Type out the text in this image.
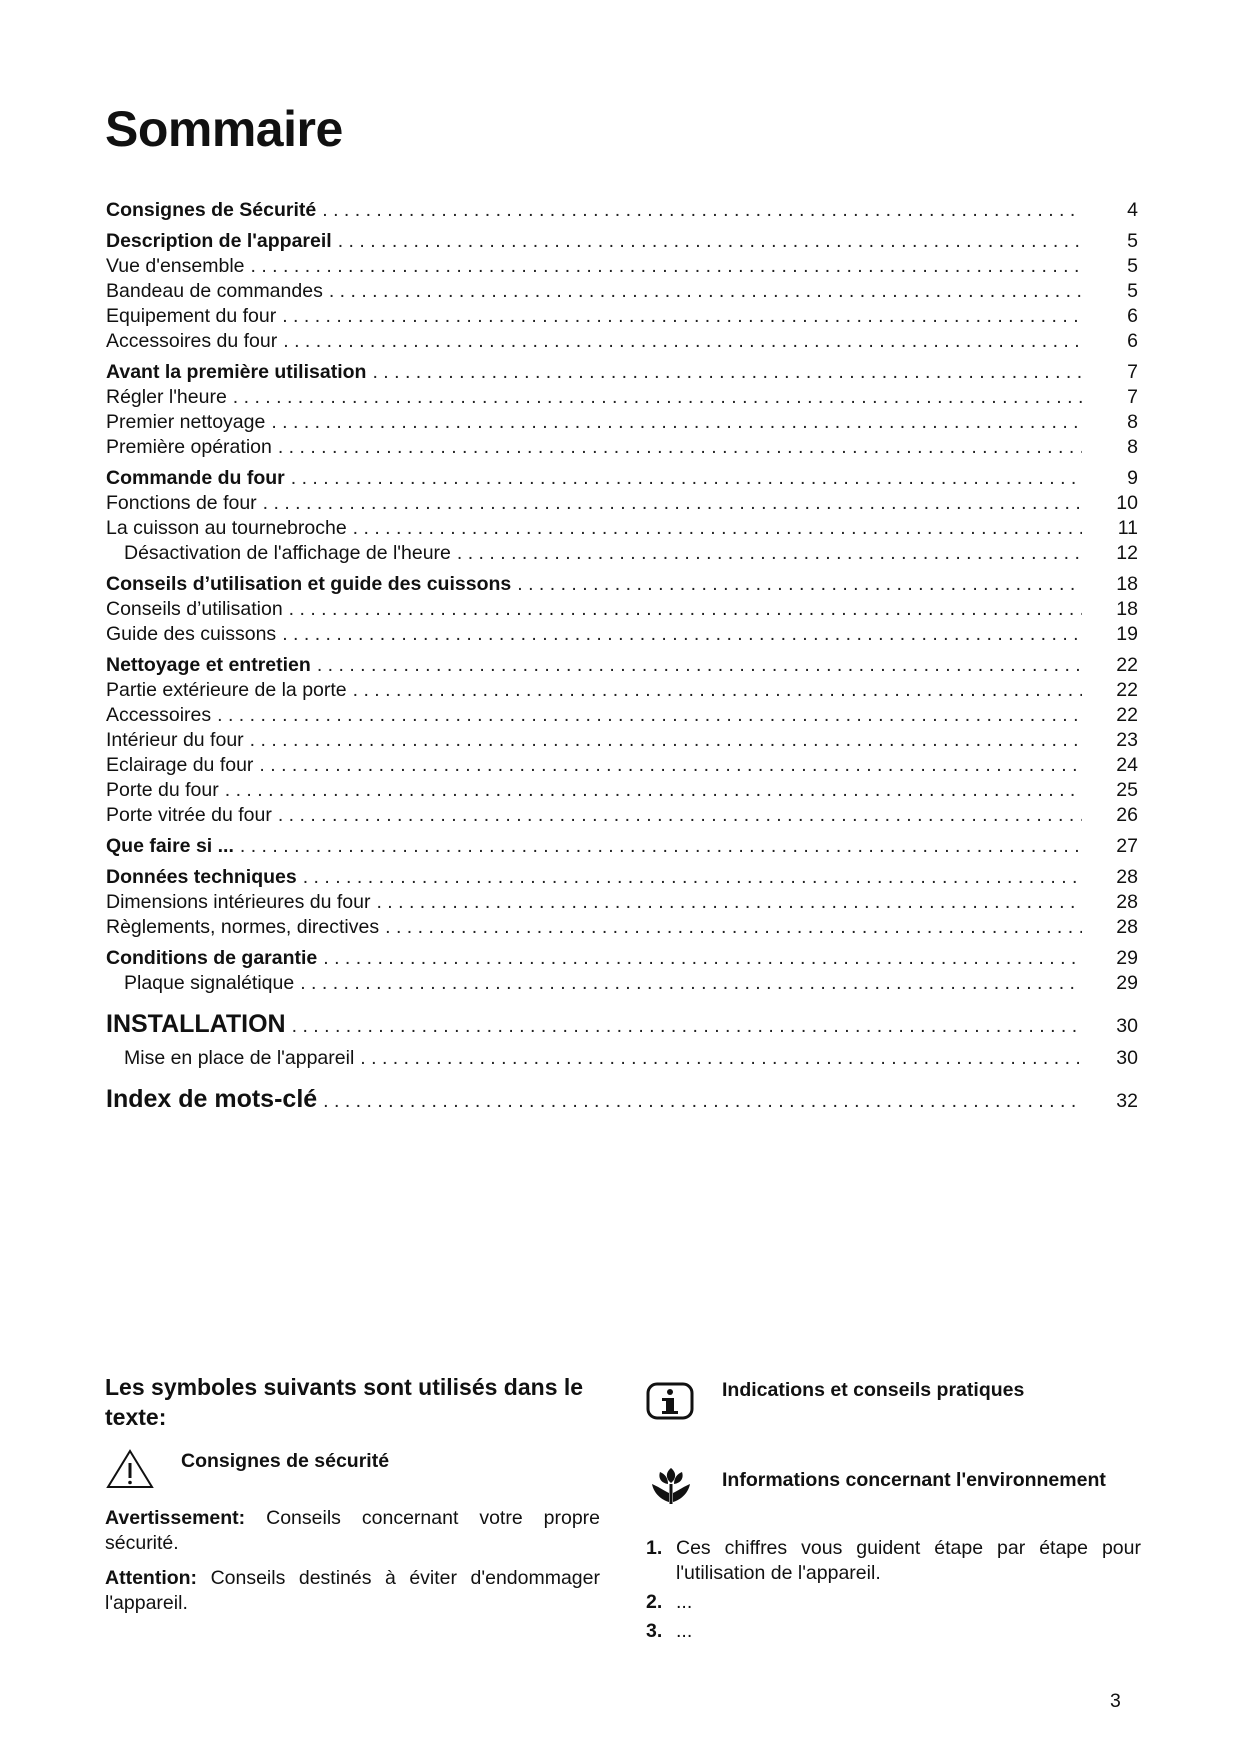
Sommaire
Consignes de Sécurité . . .	4
Description de l'appareil . . .	5
Vue d'ensemble . . .	5
Bandeau de commandes . . .	5
Equipement du four . . .	6
Accessoires du four . . .	6
Avant la première utilisation . . .	7
Régler l'heure . . .	7
Premier nettoyage . . .	8
Première opération . . .	8
Commande du four . . .	9
Fonctions de four . . .	10
La cuisson au tournebroche . . .	11
Désactivation de l'affichage de l'heure . . .	12
Conseils d’utilisation et guide des cuissons . . .	18
Conseils d’utilisation . . .	18
Guide des cuissons . . .	19
Nettoyage et entretien . . .	22
Partie extérieure de la porte . . .	22
Accessoires . . .	22
Intérieur du four . . .	23
Eclairage du four . . .	24
Porte du four . . .	25
Porte vitrée du four . . .	26
Que faire si ... . . .	27
Données techniques . . .	28
Dimensions intérieures du four . . .	28
Règlements, normes, directives . . .	28
Conditions de garantie . . .	29
Plaque signalétique . . .	29
INSTALLATION . . .	30
Mise en place de l'appareil . . .	30
Index de mots-clé . . .	32
Les symboles suivants sont utilisés dans le texte:
Consignes de sécurité

Avertissement: Conseils concernant votre propre sécurité.

Attention: Conseils destinés à éviter d'endommager l'appareil.

Indications et conseils pratiques
Informations concernant l'environnement
1. Ces chiffres vous guident étape par étape pour l'utilisation de l'appareil.
2. ...
3. ...
3
